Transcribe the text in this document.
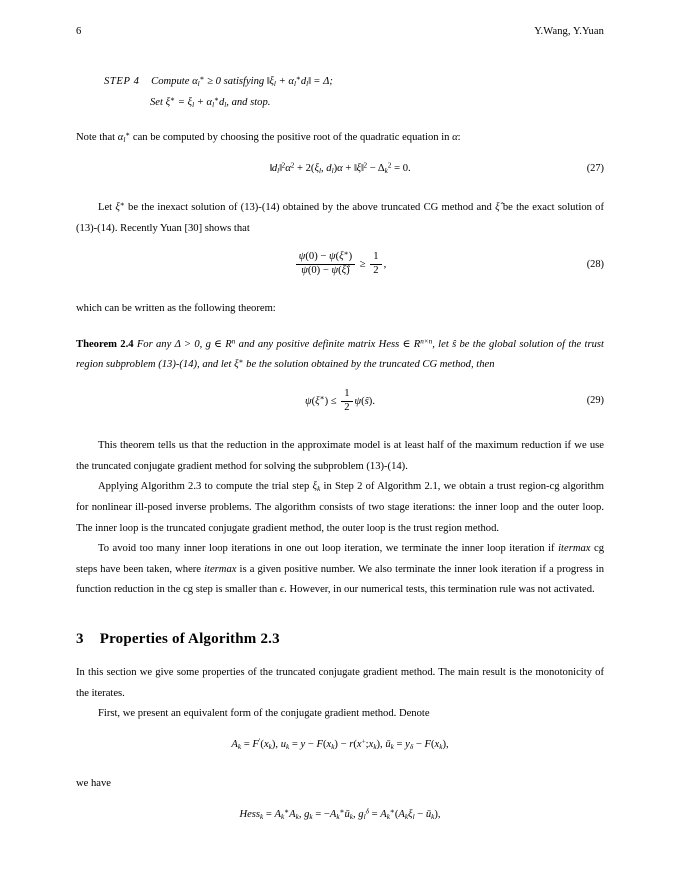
6	Y.Wang, Y.Yuan
STEP 4 Compute $\alpha_l^∗ \ge 0$ satisfying $‖\xi_l$ + $\alpha_l^∗d_l‖ = \Delta$;
Set $\xi^∗ = \xi_l + \alpha_l^∗d_l$, and stop.

Note that $\alpha_l^∗$ can be computed by choosing the positive root of the quadratic equation in α:

$‖d_l‖^2\alpha^2 + 2(\xi_l$, $d_l)\alpha$ + ‖ξ‖$^2$ − $\Delta_k^2 = 0$.	(27)

Let ξ∗ be the inexact solution of (13)-(14) obtained by the above truncated CG method and ξ̂ be the exact solution of (13)-(14). Recently Yuan [30] shows that

$\frac{\psi(0) - \psi(\xi^∗)}{\psi(0) - \psi(\xî)} \ge \frac{1}{2}$ ,	(28)

which can be written as the following theorem:

Theorem 2.4 For any Δ > 0, g ∈ $R^n$ and any positive definite matrix Hess ∈ $R^{n\times n}$, let ŝ be the global solution of the trust region subproblem (13)-(14), and let ξ∗ be the solution obtained by the truncated CG method, then
$\psi(\xi^∗) \le \frac{1}{2}$ ψ(ŝ).	(29)

This theorem tells us that the reduction in the approximate model is at least half of the maximum reduction if we use the truncated conjugate gradient method for solving the subproblem (13)-(14).

Applying Algorithm 2.3 to compute the trial step $\xi_k$ in Step 2 of Algorithm 2.1, we obtain a trust region-cg algorithm for nonlinear ill-posed inverse problems. The algorithm consists of two stage iterations: the inner loop and the outer loop. The inner loop is the truncated conjugate gradient method, the outer loop is the trust region method.

To avoid too many inner loop iterations in one out loop iteration, we terminate the inner loop iteration if itermax cg steps have been taken, where itermax is a given positive number. We also terminate the inner look iteration if a progress in function reduction in the cg step is smaller than ϵ. However, in our numerical tests, this termination rule was not activated.

3 Properties of Algorithm 2.3

In this section we give some properties of the truncated conjugate gradient method. The main result is the monotonicity of the iterates.

First, we present an equivalent form of the conjugate gradient method. Denote

$A_k = F'(x_k)$, $u_k = y - F(x_k)$ − $r(x^+;x_k)$, $ū_k = y_\delta - F(x_k)$,

we have

Hess$_k$ = $A_k^∗A_k$, $g_k$ = $-A_k^∗ū_k$, $g_l^\delta = A_k^∗(A_k\xi_l$ − $ū_k$),
